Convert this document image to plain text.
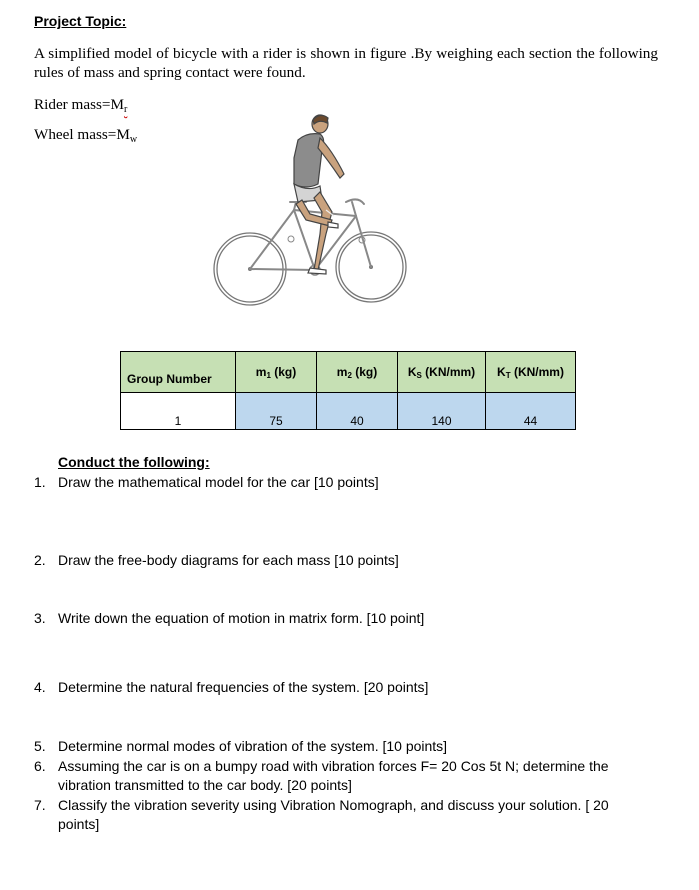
Project Topic:
A simplified model of bicycle with a rider is shown in figure .By weighing each section the following rules of mass and spring contact were found.
Rider $mass=M_r$
Wheel $mass=M_w$
Group Number	m1 (kg)	m2 (kg)	KS (KN/mm)	KT (KN/mm)
1	75	40	140	44
Conduct the following:
1. Draw the mathematical model for the car [10 points]
2. Draw the free-body diagrams for each mass [10 points]
3. Write down the equation of motion in matrix form. [10 point]
4. Determine the natural frequencies of the system. [20 points]
5. Determine normal modes of vibration of the system. [10 points]
6. Assuming the car is on a bumpy road with vibration forces F= 20 Cos 5t N; determine the vibration transmitted to the car body. [20 points]
7. Classify the vibration severity using Vibration Nomograph, and discuss your solution. [ 20 points]
